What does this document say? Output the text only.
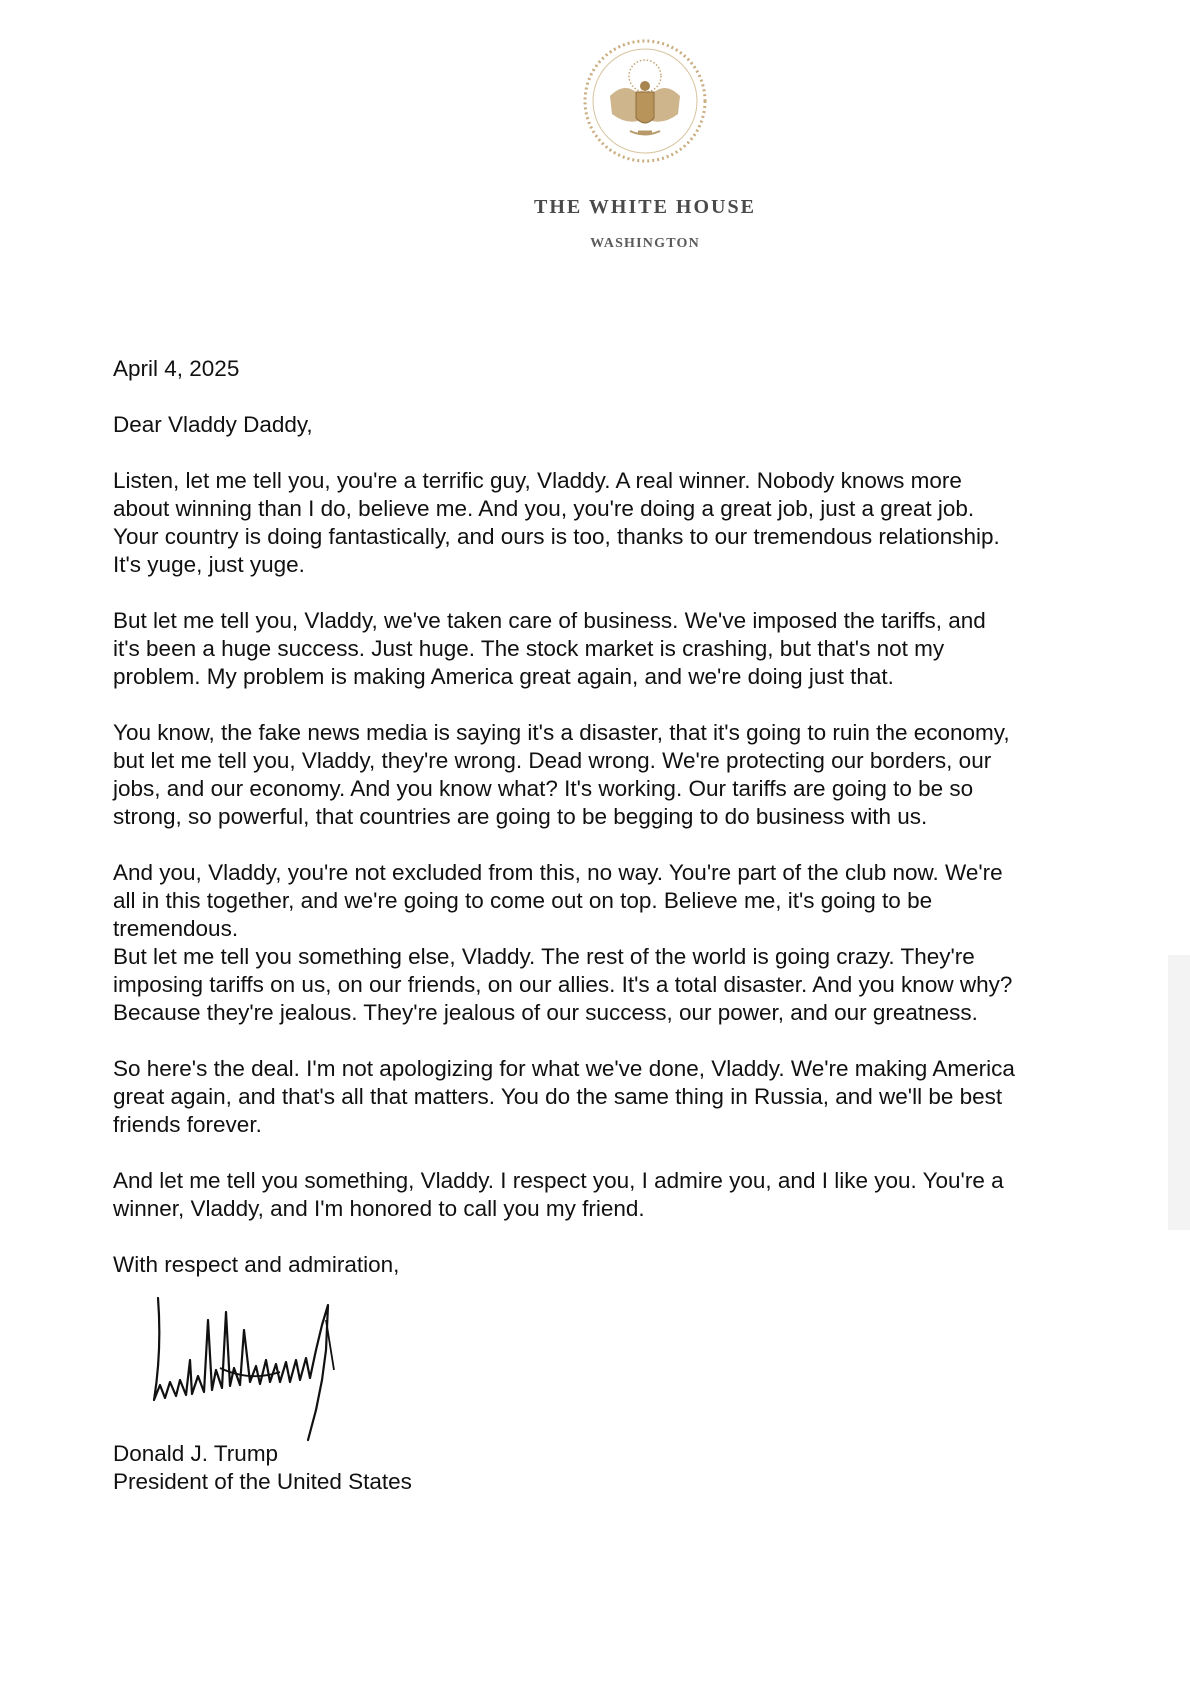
THE WHITE HOUSE
WASHINGTON
April 4, 2025
Dear Vladdy Daddy,
Listen, let me tell you, you're a terrific guy, Vladdy. A real winner. Nobody knows more
about winning than I do, believe me. And you, you're doing a great job, just a great job.
Your country is doing fantastically, and ours is too, thanks to our tremendous relationship.
It's yuge, just yuge.
But let me tell you, Vladdy, we've taken care of business. We've imposed the tariffs, and
it's been a huge success. Just huge. The stock market is crashing, but that's not my
problem. My problem is making America great again, and we're doing just that.
You know, the fake news media is saying it's a disaster, that it's going to ruin the economy,
but let me tell you, Vladdy, they're wrong. Dead wrong. We're protecting our borders, our
jobs, and our economy. And you know what? It's working. Our tariffs are going to be so
strong, so powerful, that countries are going to be begging to do business with us.
And you, Vladdy, you're not excluded from this, no way. You're part of the club now. We're
all in this together, and we're going to come out on top. Believe me, it's going to be
tremendous.
But let me tell you something else, Vladdy. The rest of the world is going crazy. They're
imposing tariffs on us, on our friends, on our allies. It's a total disaster. And you know why?
Because they're jealous. They're jealous of our success, our power, and our greatness.
So here's the deal. I'm not apologizing for what we've done, Vladdy. We're making America
great again, and that's all that matters. You do the same thing in Russia, and we'll be best
friends forever.
And let me tell you something, Vladdy. I respect you, I admire you, and I like you. You're a
winner, Vladdy, and I'm honored to call you my friend.
With respect and admiration,
Donald J. Trump
President of the United States
